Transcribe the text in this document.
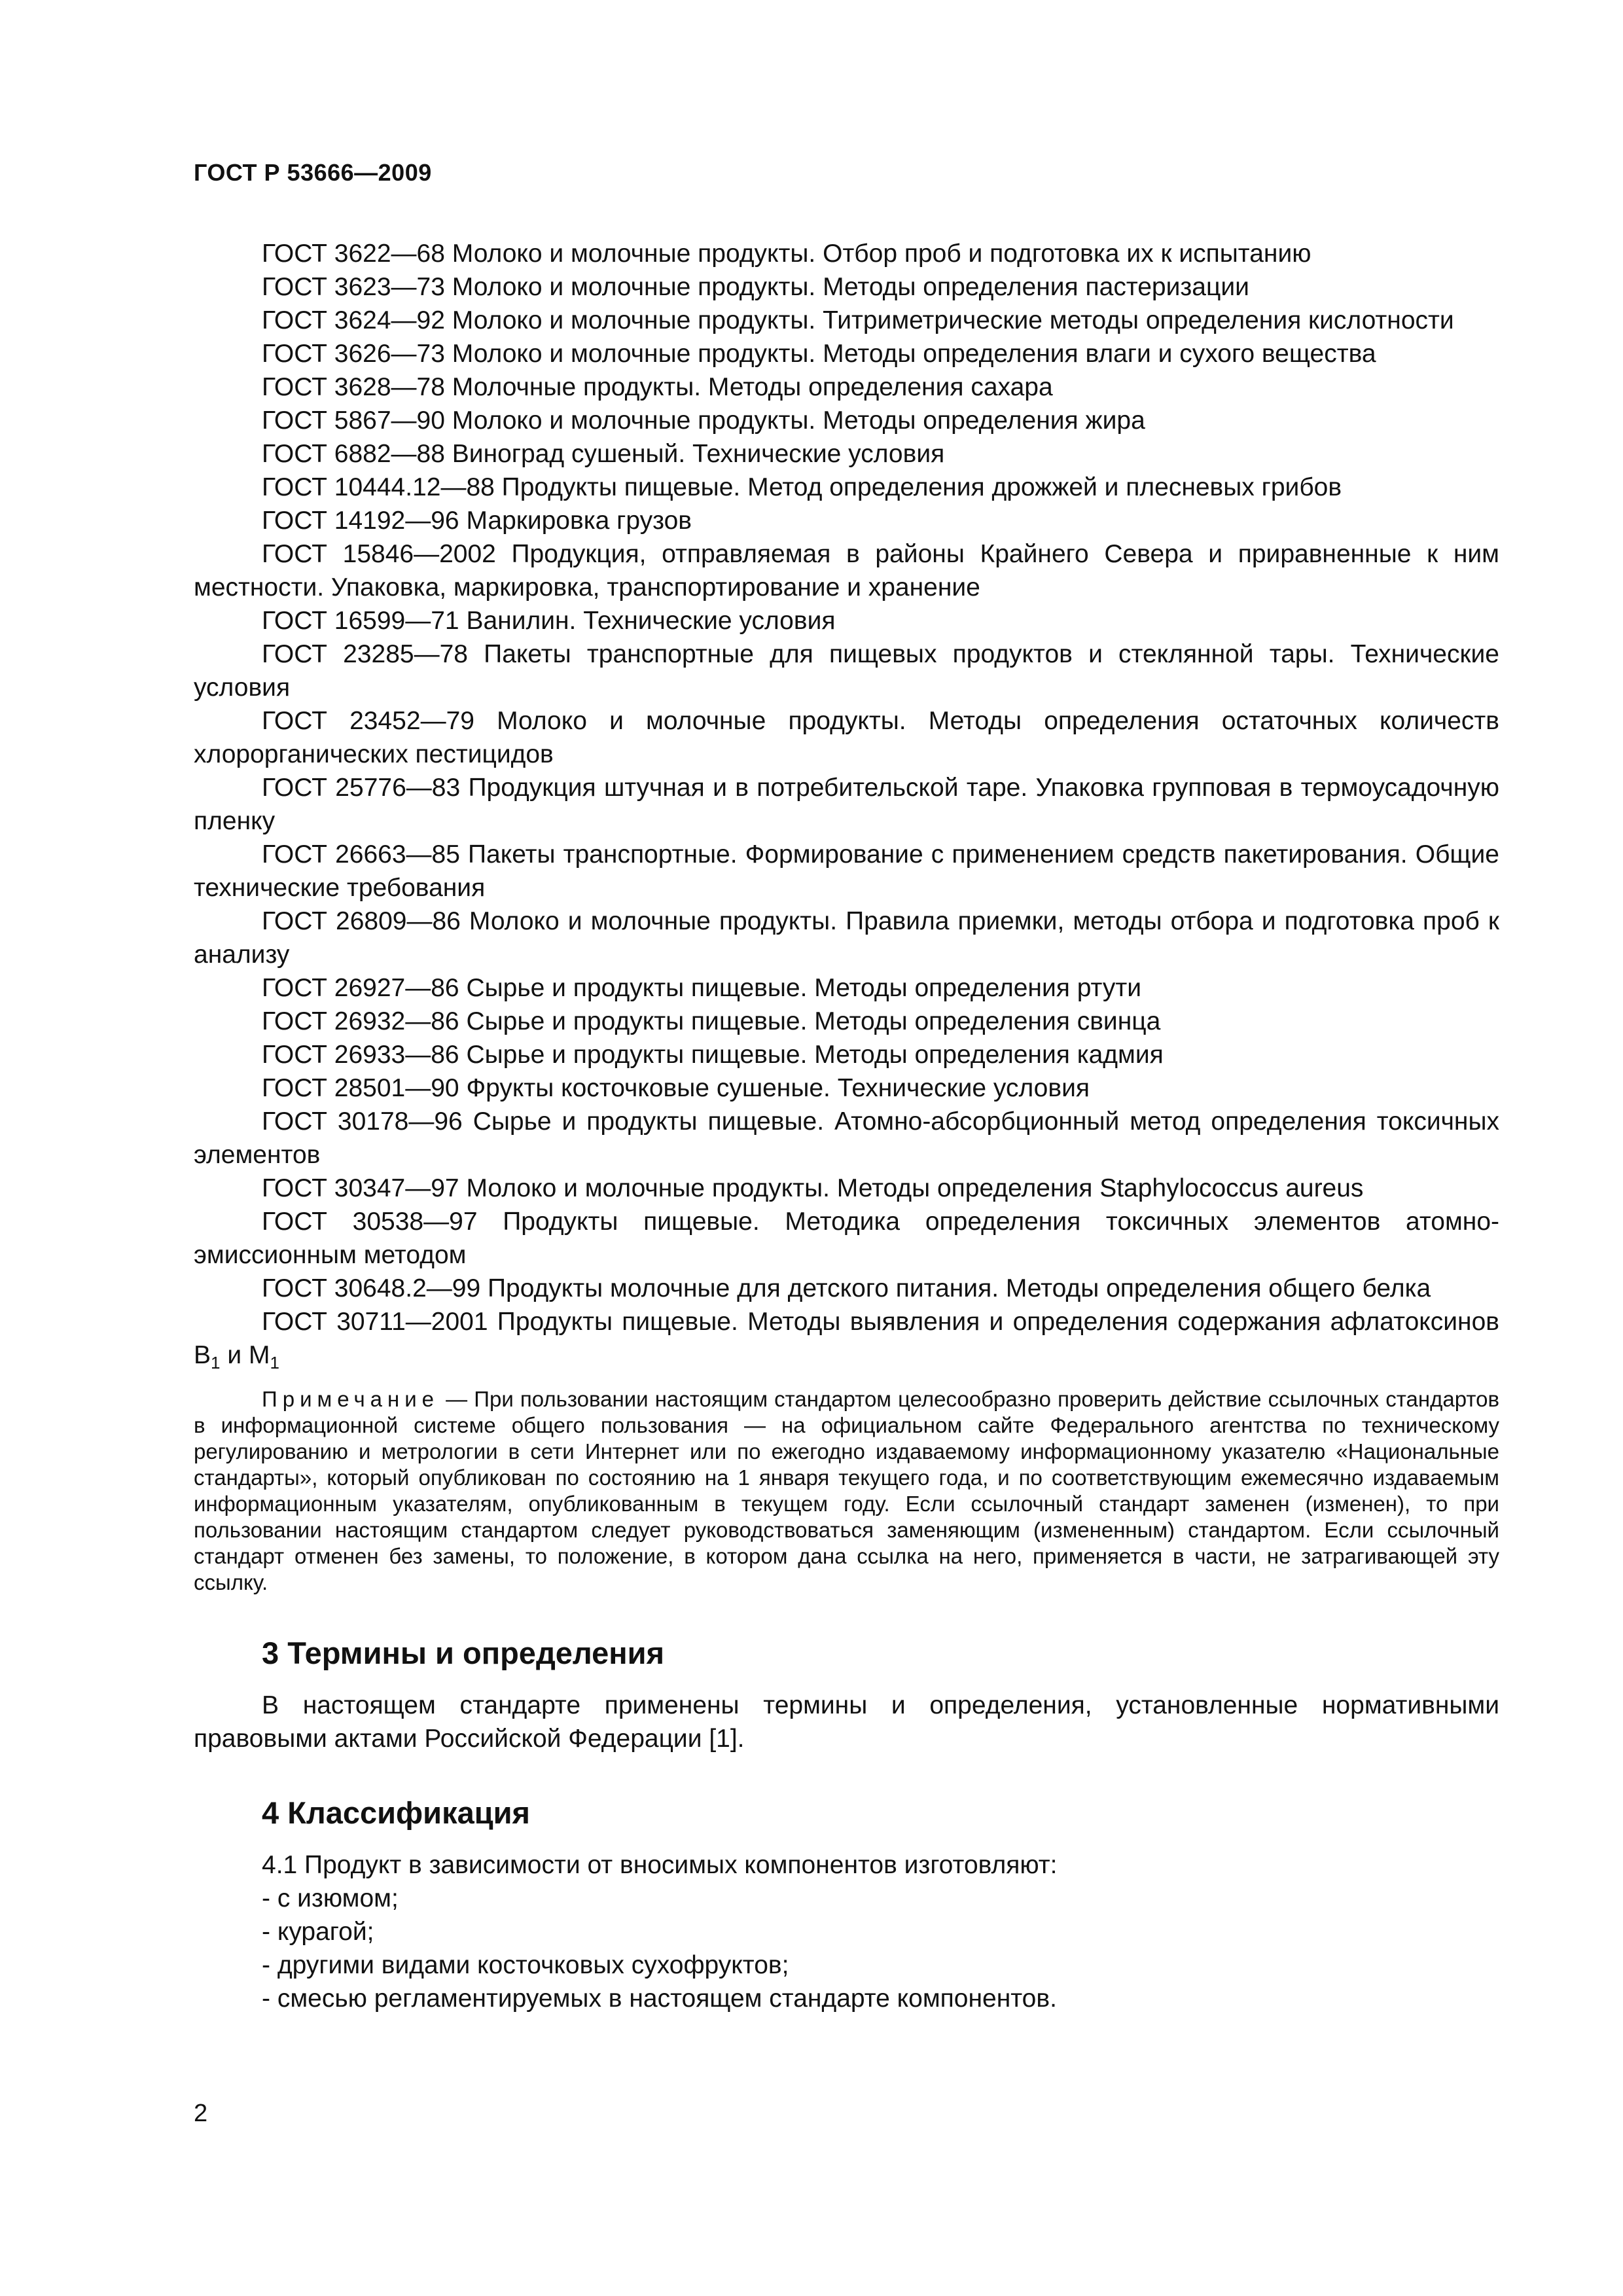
ГОСТ Р 53666—2009

ГОСТ 3622—68 Молоко и молочные продукты. Отбор проб и подготовка их к испытанию

ГОСТ 3623—73 Молоко и молочные продукты. Методы определения пастеризации

ГОСТ 3624—92 Молоко и молочные продукты. Титриметрические методы определения кислотности

ГОСТ 3626—73 Молоко и молочные продукты. Методы определения влаги и сухого вещества

ГОСТ 3628—78 Молочные продукты. Методы определения сахара

ГОСТ 5867—90 Молоко и молочные продукты. Методы определения жира

ГОСТ 6882—88 Виноград сушеный. Технические условия

ГОСТ 10444.12—88 Продукты пищевые. Метод определения дрожжей и плесневых грибов

ГОСТ 14192—96 Маркировка грузов

ГОСТ 15846—2002 Продукция, отправляемая в районы Крайнего Севера и приравненные к ним местности. Упаковка, маркировка, транспортирование и хранение

ГОСТ 16599—71 Ванилин. Технические условия

ГОСТ 23285—78 Пакеты транспортные для пищевых продуктов и стеклянной тары. Технические условия

ГОСТ 23452—79 Молоко и молочные продукты. Методы определения остаточных количеств хлорорганических пестицидов

ГОСТ 25776—83 Продукция штучная и в потребительской таре. Упаковка групповая в термоусадочную пленку

ГОСТ 26663—85 Пакеты транспортные. Формирование с применением средств пакетирования. Общие технические требования

ГОСТ 26809—86 Молоко и молочные продукты. Правила приемки, методы отбора и подготовка проб к анализу

ГОСТ 26927—86 Сырье и продукты пищевые. Методы определения ртути

ГОСТ 26932—86 Сырье и продукты пищевые. Методы определения свинца

ГОСТ 26933—86 Сырье и продукты пищевые. Методы определения кадмия

ГОСТ 28501—90 Фрукты косточковые сушеные. Технические условия

ГОСТ 30178—96 Сырье и продукты пищевые. Атомно-абсорбционный метод определения токсичных элементов

ГОСТ 30347—97 Молоко и молочные продукты. Методы определения Staphylococcus aureus

ГОСТ 30538—97 Продукты пищевые. Методика определения токсичных элементов атомно-эмиссионным методом

ГОСТ 30648.2—99 Продукты молочные для детского питания. Методы определения общего белка

ГОСТ 30711—2001 Продукты пищевые. Методы выявления и определения содержания афлатоксинов $B_1$ и $M_1$

Примечание — При пользовании настоящим стандартом целесообразно проверить действие ссылочных стандартов в информационной системе общего пользования — на официальном сайте Федерального агентства по техническому регулированию и метрологии в сети Интернет или по ежегодно издаваемому информационному указателю «Национальные стандарты», который опубликован по состоянию на 1 января текущего года, и по соответствующим ежемесячно издаваемым информационным указателям, опубликованным в текущем году. Если ссылочный стандарт заменен (изменен), то при пользовании настоящим стандартом следует руководствоваться заменяющим (измененным) стандартом. Если ссылочный стандарт отменен без замены, то положение, в котором дана ссылка на него, применяется в части, не затрагивающей эту ссылку.
3 Термины и определения

В настоящем стандарте применены термины и определения, установленные нормативными правовыми актами Российской Федерации [1].

4 Классификация

4.1 Продукт в зависимости от вносимых компонентов изготовляют:

- с изюмом;

- курагой;

- другими видами косточковых сухофруктов;

- смесью регламентируемых в настоящем стандарте компонентов.

2
